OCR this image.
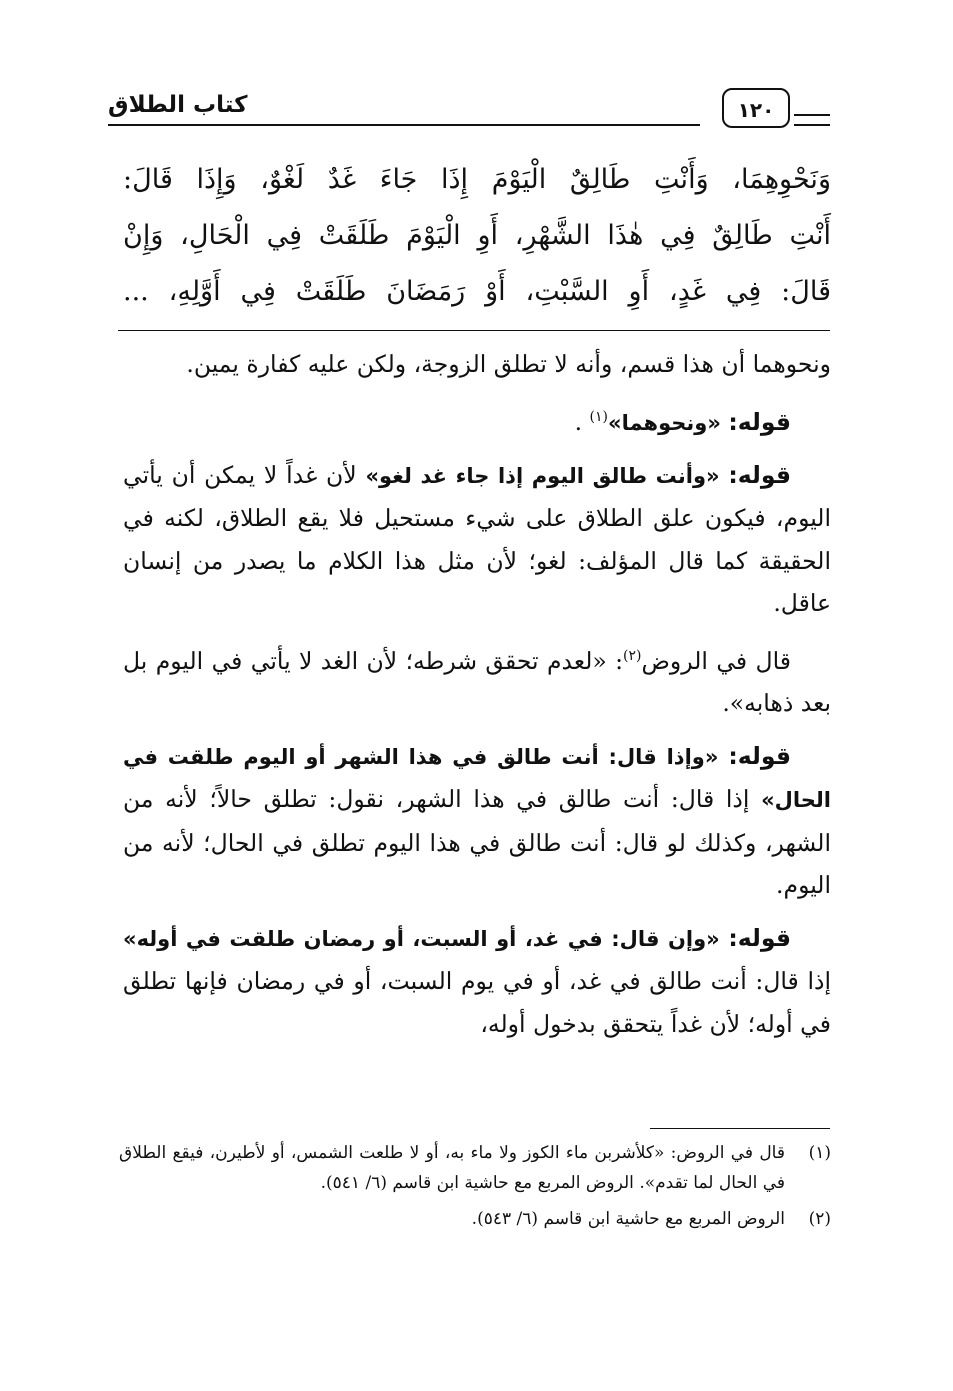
كتاب الطلاق	١٢٠

وَنَحْوِهِمَا، وَأَنْتِ طَالِقٌ الْيَوْمَ إِذَا جَاءَ غَدٌ لَغْوٌ، وَإِذَا قَالَ:

أَنْتِ طَالِقٌ فِي هٰذَا الشَّهْرِ، أَوِ الْيَوْمَ طَلَقَتْ فِي الْحَالِ، وَإِنْ

قَالَ: فِي غَدٍ، أَوِ السَّبْتِ، أَوْ رَمَضَانَ طَلَقَتْ فِي أَوَّلِهِ، ...

ونحوهما أن هذا قسم، وأنه لا تطلق الزوجة، ولكن عليه كفارة يمين.

قوله: «ونحوهما»$^{(١)}$ .

قوله: «وأنت طالق اليوم إذا جاء غد لغو» لأن غداً لا يمكن أن يأتي اليوم، فيكون علق الطلاق على شيء مستحيل فلا يقع الطلاق، لكنه في الحقيقة كما قال المؤلف: لغو؛ لأن مثل هذا الكلام ما يصدر من إنسان عاقل.

قال في الروض$^{(٢)}$: «لعدم تحقق شرطه؛ لأن الغد لا يأتي في اليوم بل بعد ذهابه».

قوله: «وإذا قال: أنت طالق في هذا الشهر أو اليوم طلقت في الحال» إذا قال: أنت طالق في هذا الشهر، نقول: تطلق حالاً؛ لأنه من الشهر، وكذلك لو قال: أنت طالق في هذا اليوم تطلق في الحال؛ لأنه من اليوم.

قوله: «وإن قال: في غد، أو السبت، أو رمضان طلقت في أوله» إذا قال: أنت طالق في غد، أو في يوم السبت، أو في رمضان فإنها تطلق في أوله؛ لأن غداً يتحقق بدخول أوله،

(١)
قال في الروض: «كلأشربن ماء الكوز ولا ماء به، أو لا طلعت الشمس، أو لأطيرن، فيقع الطلاق في الحال لما تقدم». الروض المربع مع حاشية ابن قاسم (٦/ ٥٤١).
(٢)
الروض المربع مع حاشية ابن قاسم (٦/ ٥٤٣).
